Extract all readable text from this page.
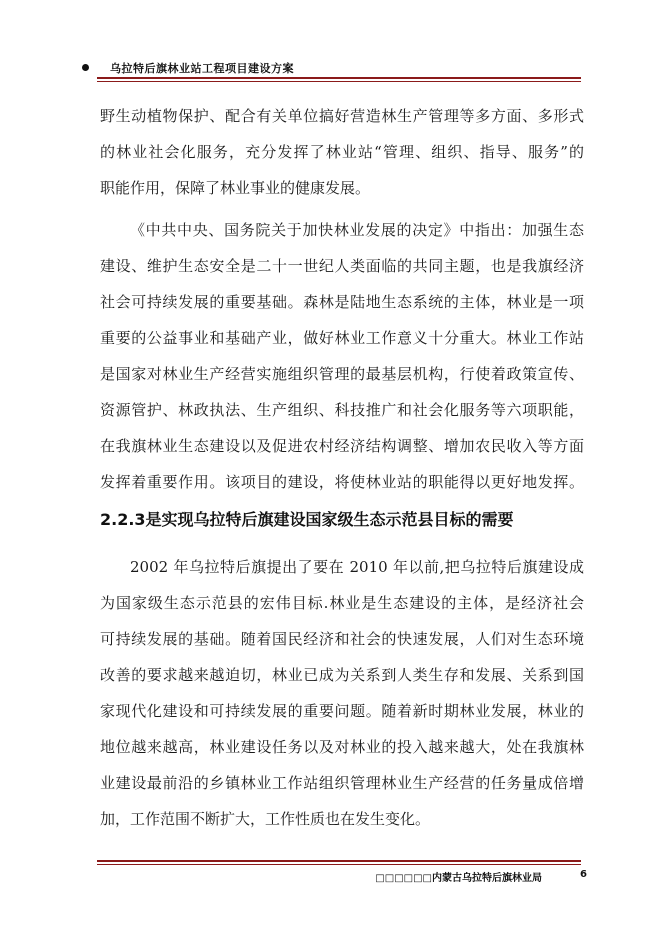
乌拉特后旗林业站工程项目建设方案
野生动植物保护、配合有关单位搞好营造林生产管理等多方面、多形式
的林业社会化服务，充分发挥了林业站“管理、组织、指导、服务”的
职能作用，保障了林业事业的健康发展。
《中共中央、国务院关于加快林业发展的决定》中指出：加强生态
建设、维护生态安全是二十一世纪人类面临的共同主题，也是我旗经济
社会可持续发展的重要基础。森林是陆地生态系统的主体，林业是一项
重要的公益事业和基础产业，做好林业工作意义十分重大。林业工作站
是国家对林业生产经营实施组织管理的最基层机构，行使着政策宣传、
资源管护、林政执法、生产组织、科技推广和社会化服务等六项职能，
在我旗林业生态建设以及促进农村经济结构调整、增加农民收入等方面
发挥着重要作用。该项目的建设，将使林业站的职能得以更好地发挥。
2.2.3是实现乌拉特后旗建设国家级生态示范县目标的需要
2002 年乌拉特后旗提出了要在 2010 年以前,把乌拉特后旗建设成
为国家级生态示范县的宏伟目标.林业是生态建设的主体，是经济社会
可持续发展的基础。随着国民经济和社会的快速发展，人们对生态环境
改善的要求越来越迫切，林业已成为关系到人类生存和发展、关系到国
家现代化建设和可持续发展的重要问题。随着新时期林业发展，林业的
地位越来越高，林业建设任务以及对林业的投入越来越大，处在我旗林
业建设最前沿的乡镇林业工作站组织管理林业生产经营的任务量成倍增
加，工作范围不断扩大，工作性质也在发生变化。
□□□□□□内蒙古乌拉特后旗林业局	6
